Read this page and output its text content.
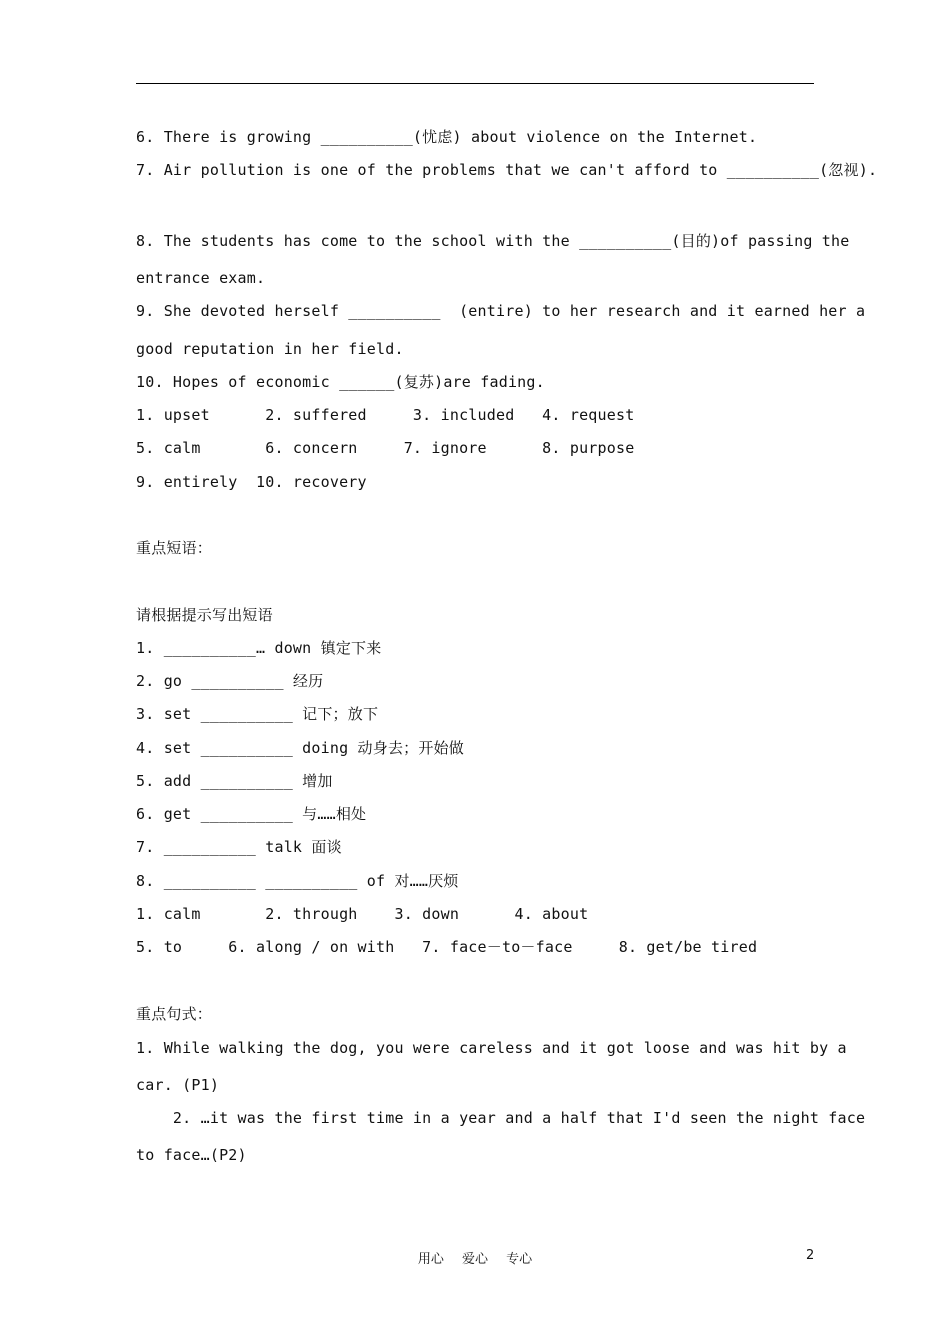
6. There is growing __________(忧虑) about violence on the Internet.
7. Air pollution is one of the problems that we can't afford to __________(忽视).
8. The students has come to the school with the __________(目的)of passing the
entrance exam.
9. She devoted herself __________  (entire) to her research and it earned her a
good reputation in her field.
10. Hopes of economic ______(复苏)are fading.
1. upset      2. suffered     3. included   4. request
5. calm       6. concern     7. ignore      8. purpose
9. entirely  10. recovery
重点短语：
请根据提示写出短语
1. __________… down 镇定下来
2. go __________ 经历
3. set __________ 记下；放下
4. set __________ doing 动身去；开始做
5. add __________ 增加
6. get __________ 与……相处
7. __________ talk 面谈
8. __________ __________ of 对……厌烦
1. calm       2. through    3. down      4. about
5. to     6. along / on with   7. face－to－face     8. get/be tired
重点句式：
1. While walking the dog, you were careless and it got loose and was hit by a
car. (P1)
2. …it was the first time in a year and a half that I'd seen the night face
to face…(P2)
用心 爱心 专心	2
